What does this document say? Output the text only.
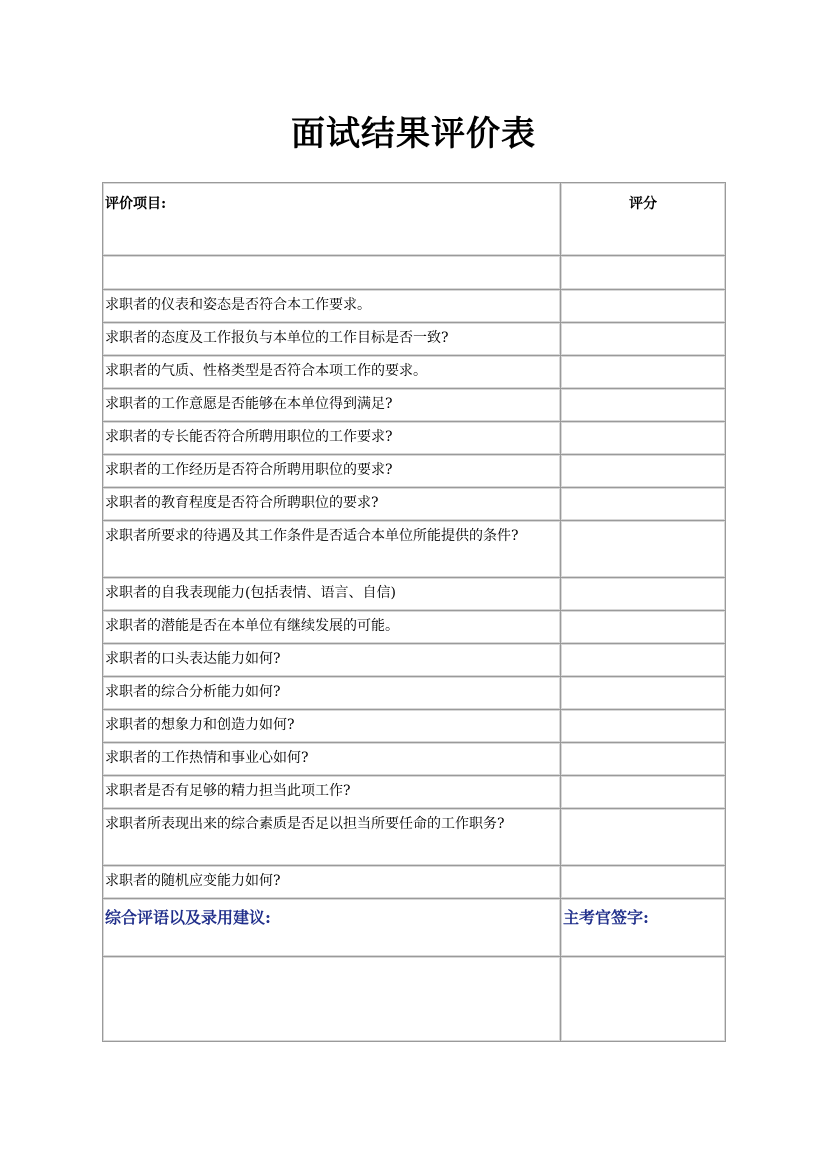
面试结果评价表
评价项目:	评分

求职者的仪表和姿态是否符合本工作要求。	
求职者的态度及工作报负与本单位的工作目标是否一致?	
求职者的气质、性格类型是否符合本项工作的要求。	
求职者的工作意愿是否能够在本单位得到满足?	
求职者的专长能否符合所聘用职位的工作要求?	
求职者的工作经历是否符合所聘用职位的要求?	
求职者的教育程度是否符合所聘职位的要求?	
求职者所要求的待遇及其工作条件是否适合本单位所能提供的条件?	
求职者的自我表现能力(包括表情、语言、自信)	
求职者的潜能是否在本单位有继续发展的可能。	
求职者的口头表达能力如何?	
求职者的综合分析能力如何?	
求职者的想象力和创造力如何?	
求职者的工作热情和事业心如何?	
求职者是否有足够的精力担当此项工作?	
求职者所表现出来的综合素质是否足以担当所要任命的工作职务?	
求职者的随机应变能力如何?	
综合评语以及录用建议:	主考官签字:
